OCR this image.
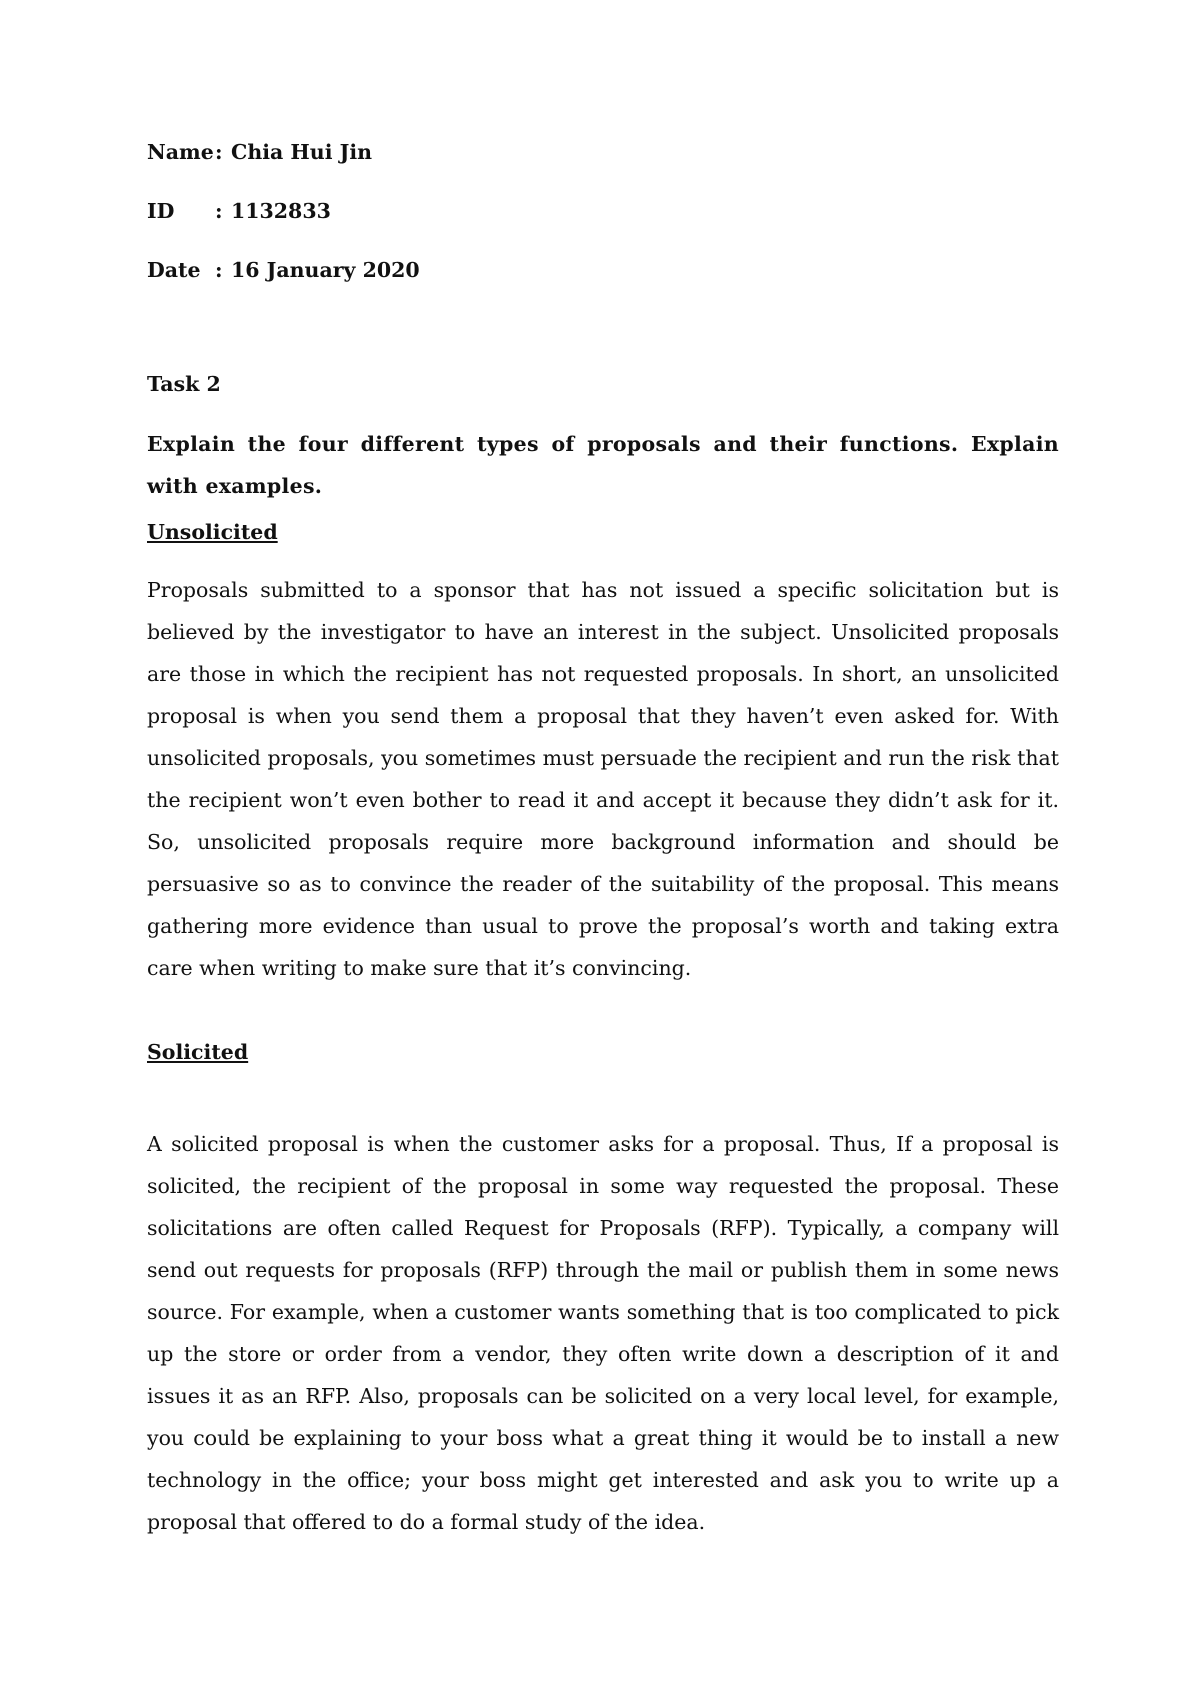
Name : Chia Hui Jin
ID	: 1132833
Date : 16 January 2020
Task 2
Explain the four different types of proposals and their functions. Explain with examples.
Unsolicited

Proposals submitted to a sponsor that has not issued a specific solicitation but is believed by the investigator to have an interest in the subject. Unsolicited proposals are those in which the recipient has not requested proposals. In short, an unsolicited proposal is when you send them a proposal that they haven’t even asked for. With unsolicited proposals, you sometimes must persuade the recipient and run the risk that the recipient won’t even bother to read it and accept it because they didn’t ask for it. So, unsolicited proposals require more background information and should be persuasive so as to convince the reader of the suitability of the proposal. This means gathering more evidence than usual to prove the proposal’s worth and taking extra care when writing to make sure that it’s convincing.

Solicited

A solicited proposal is when the customer asks for a proposal. Thus, If a proposal is solicited, the recipient of the proposal in some way requested the proposal. These solicitations are often called Request for Proposals (RFP). Typically, a company will send out requests for proposals (RFP) through the mail or publish them in some news source. For example, when a customer wants something that is too complicated to pick up the store or order from a vendor, they often write down a description of it and issues it as an RFP. Also, proposals can be solicited on a very local level, for example, you could be explaining to your boss what a great thing it would be to install a new technology in the office; your boss might get interested and ask you to write up a proposal that offered to do a formal study of the idea.
